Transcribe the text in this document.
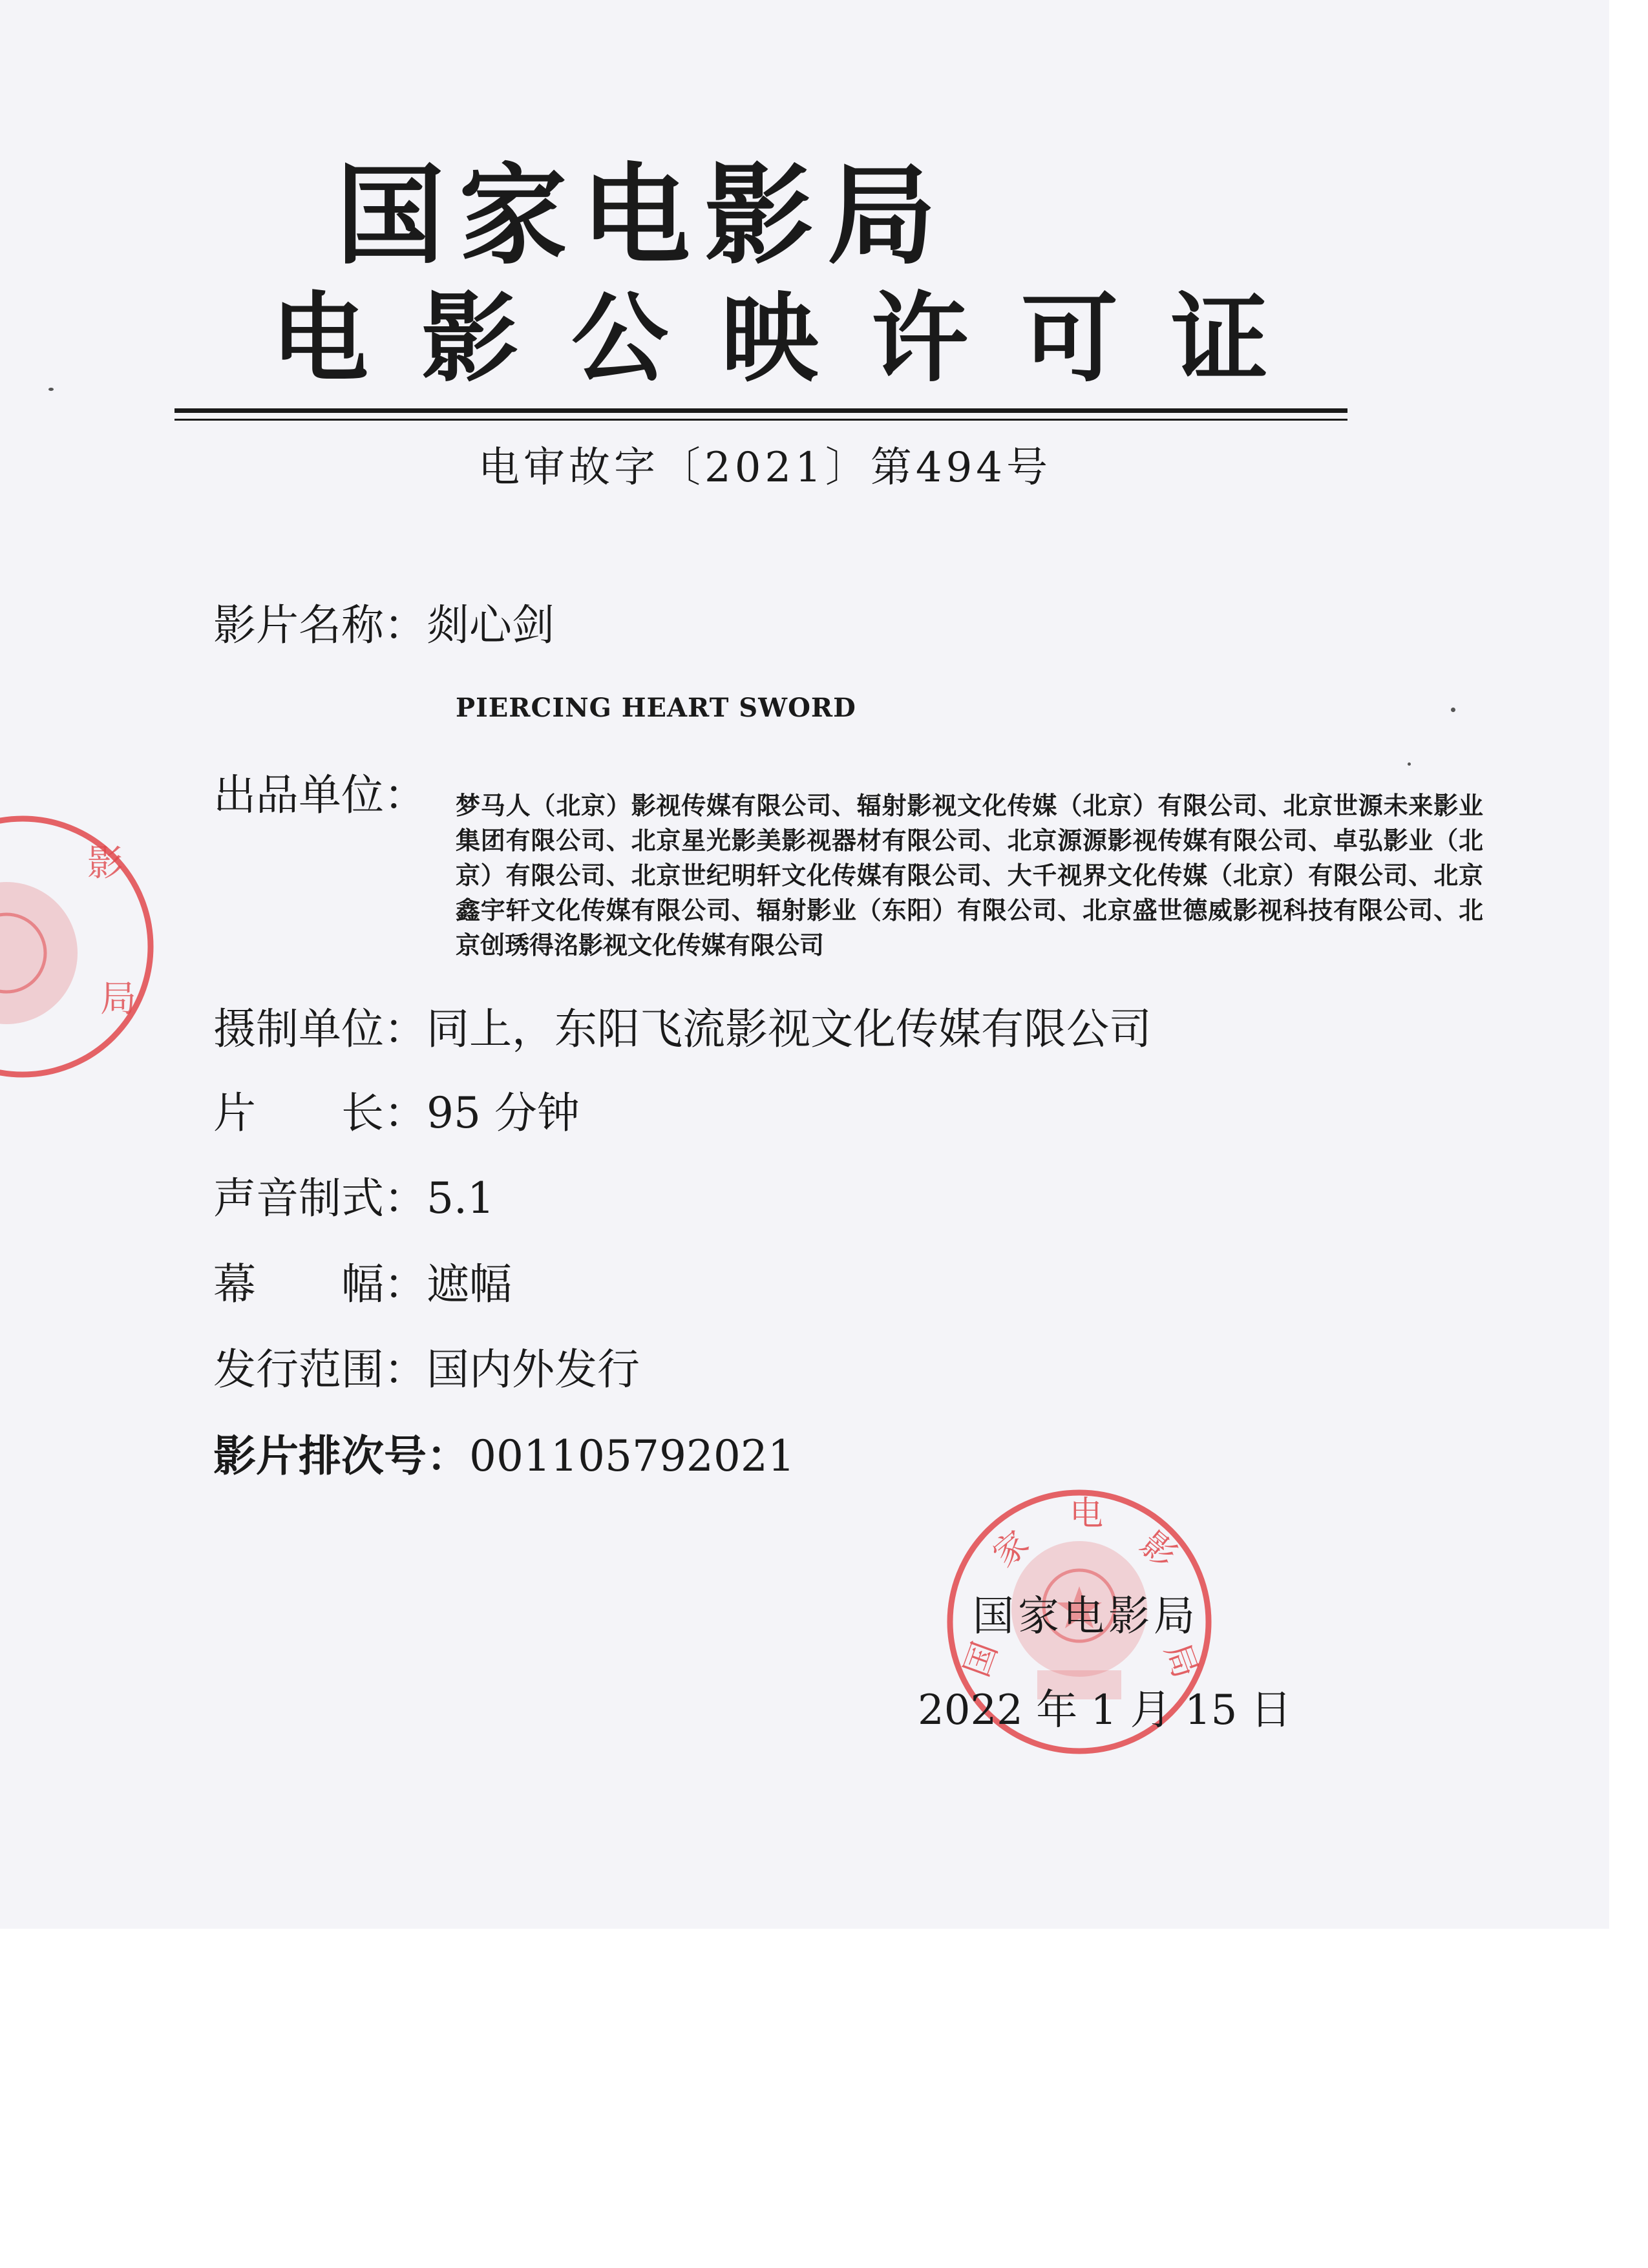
国家电影局
电影公映许可证
电审故字〔2021〕第494号
影片名称：剡心剑
PIERCING HEART SWORD
出品单位： 梦马人（北京）影视传媒有限公司、辐射影视文化传媒（北京）有限公司、北京世源未来影业集团有限公司、北京星光影美影视器材有限公司、北京源源影视传媒有限公司、卓弘影业（北京）有限公司、北京世纪明轩文化传媒有限公司、大千视界文化传媒（北京）有限公司、北京鑫宇轩文化传媒有限公司、辐射影业（东阳）有限公司、北京盛世德威影视科技有限公司、北京创琇得洺影视文化传媒有限公司
摄制单位：同上，东阳飞流影视文化传媒有限公司
片　　长：95 分钟
声音制式：5.1
幕　　幅：遮幅
发行范围：国内外发行
影片排次号：001105792021
影
局
电
家	影
国	局
国家电影局
2022 年 1 月 15 日
